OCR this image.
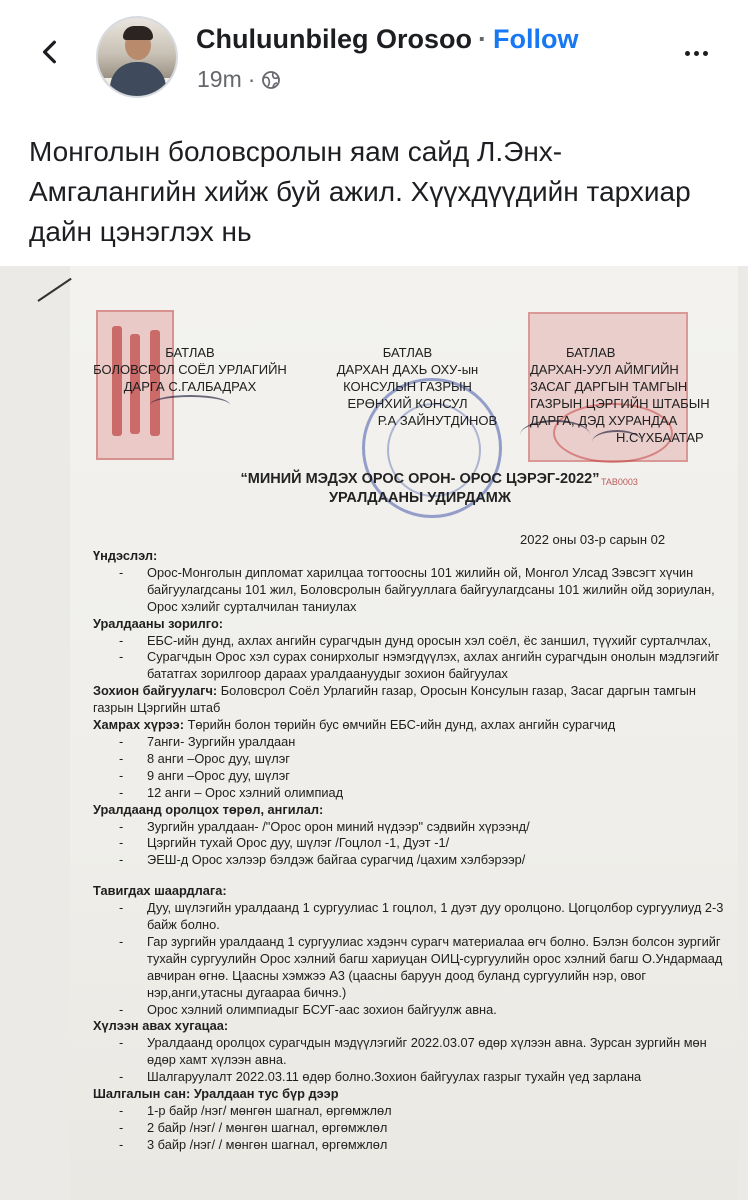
Chuluunbileg Orosoo · Follow
19m ·
Монголын боловсролын яам сайд Л.Энх-Амгалангийн хийж буй ажил. Хүүхдүүдийн тархиар дайн цэнэглэх нь
БАТЛАВ
БОЛОВСРОЛ СОЁЛ УРЛАГИЙН
ДАРГА С.ГАЛБАДРАХ
БАТЛАВ
ДАРХАН ДАХЬ ОХУ-ын
КОНСУЛЫН ГАЗРЫН
ЕРӨНХИЙ КОНСУЛ
Р.А ЗАЙНУТДИНОВ
БАТЛАВ
ДАРХАН-УУЛ АЙМГИЙН
ЗАСАГ ДАРГЫН ТАМГЫН
ГАЗРЫН ЦЭРГИЙН ШТАБЫН
ДАРГА, ДЭД ХУРАНДАА
Н.СҮХБААТАР
“МИНИЙ МЭДЭХ ОРОС ОРОН- ОРОС ЦЭРЭГ-2022”
УРАЛДААНЫ УДИРДАМЖ
TAB0003
2022 оны 03-р сарын 02
Үндэслэл:
- Орос-Монголын дипломат харилцаа тогтоосны 101 жилийн ой, Монгол Улсад Зэвсэгт хүчин байгуулагдсаны 101 жил, Боловсролын байгууллага байгуулагдсаны 101 жилийн ойд зориулан, Орос хэлийг сурталчилан таниулах
Уралдааны зорилго:
- ЕБС-ийн дунд, ахлах ангийн сурагчдын дунд оросын хэл соёл, ёс заншил, түүхийг сурталчлах,
- Сурагчдын Орос хэл сурах сонирхолыг нэмэгдүүлэх, ахлах ангийн сурагчдын онолын мэдлэгийг бататгах зорилгоор дараах уралдаануудыг зохион байгуулах
Зохион байгуулагч: Боловсрол Соёл Урлагийн газар, Оросын Консулын газар, Засаг даргын тамгын газрын Цэргийн штаб
Хамрах хүрээ: Төрийн болон төрийн бус өмчийн ЕБС-ийн дунд, ахлах ангийн сурагчид
- 7анги- Зургийн уралдаан
- 8 анги –Орос дуу, шүлэг
- 9 анги –Орос дуу, шүлэг
- 12 анги – Орос хэлний олимпиад
Уралдаанд оролцох төрөл, ангилал:
- Зургийн уралдаан- /"Орос орон миний нүдээр" сэдвийн хүрээнд/
- Цэргийн тухай Орос дуу, шүлэг /Гоцлол -1, Дуэт -1/
- ЭЕШ-д Орос хэлээр бэлдэж байгаа сурагчид /цахим хэлбэрээр/
Тавигдах шаардлага:
- Дуу, шүлэгийн уралдаанд 1 сургуулиас 1 гоцлол, 1 дуэт дуу оролцоно. Цогцолбор сургуулиуд 2-3 байж болно.
- Гар зургийн уралдаанд 1 сургуулиас хэдэнч сурагч материалаа өгч болно. Бэлэн болсон зургийг тухайн сургуулийн Орос хэлний багш хариуцан ОИЦ-сургуулийн орос хэлний багш О.Ундармаад авчиран өгнө. Цаасны хэмжээ А3 (цаасны баруун доод буланд сургуулийн нэр, овог нэр,анги,утасны дугаараа бичнэ.)
- Орос хэлний олимпиадыг БСУГ-аас зохион байгуулж авна.
Хүлээн авах хугацаа:
- Уралдаанд оролцох сурагчдын мэдүүлэгийг 2022.03.07 өдөр хүлээн авна. Зурсан зургийн мөн өдөр хамт хүлээн авна.
- Шалгаруулалт 2022.03.11 өдөр болно.Зохион байгуулах газрыг тухайн үед зарлана
Шалгалын сан: Уралдаан тус бүр дээр
- 1-р байр /нэг/ мөнгөн шагнал, өргөмжлөл
- 2 байр /нэг/ / мөнгөн шагнал, өргөмжлөл
- 3 байр /нэг/ / мөнгөн шагнал, өргөмжлөл
